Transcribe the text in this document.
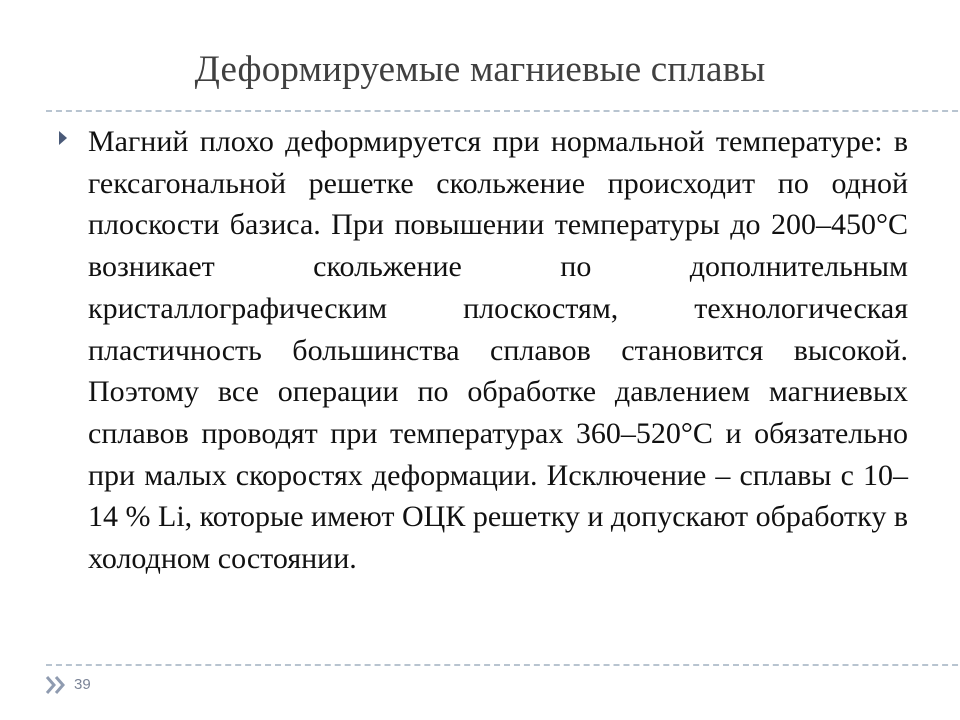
Деформируемые магниевые сплавы

Магний плохо деформируется при нормальной температуре: в гексагональной решетке скольжение происходит по одной плоскости базиса. При повышении температуры до 200–450°С возникает скольжение по дополнительным кристаллографическим плоскостям, технологическая пластичность большинства сплавов становится высокой. Поэтому все операции по обработке давлением магниевых сплавов проводят при температурах 360–520°С и обязательно при малых скоростях деформации. Исключение – сплавы с 10–14 % Li, которые имеют ОЦК решетку и допускают обработку в холодном состоянии.

39
